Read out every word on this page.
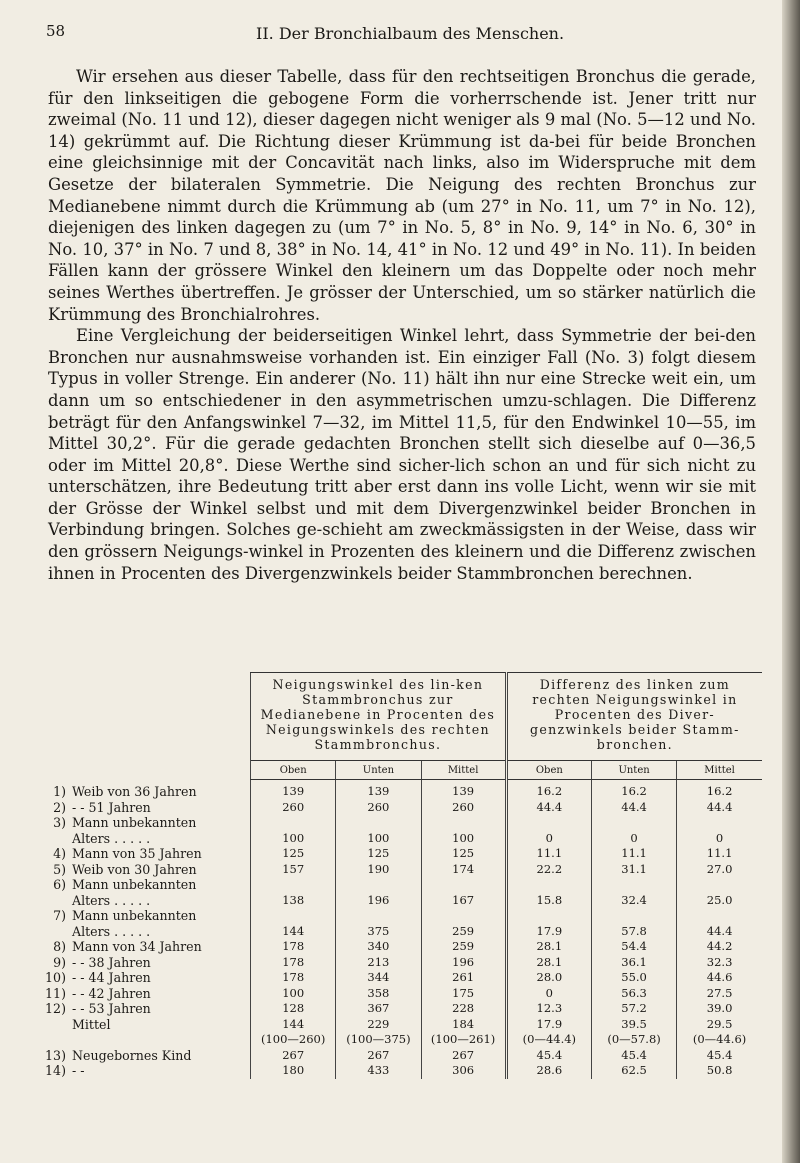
58	II. Der Bronchialbaum des Menschen.

Wir ersehen aus dieser Tabelle, dass für den rechtseitigen Bronchus die gerade, für den linkseitigen die gebogene Form die vorherrschende ist. Jener tritt nur zweimal (No. 11 und 12), dieser dagegen nicht weniger als 9 mal (No. 5—12 und No. 14) gekrümmt auf. Die Richtung dieser Krümmung ist da-bei für beide Bronchen eine gleichsinnige mit der Concavität nach links, also im Widerspruche mit dem Gesetze der bilateralen Symmetrie. Die Neigung des rechten Bronchus zur Medianebene nimmt durch die Krümmung ab (um 27° in No. 11, um 7° in No. 12), diejenigen des linken dagegen zu (um 7° in No. 5, 8° in No. 9, 14° in No. 6, 30° in No. 10, 37° in No. 7 und 8, 38° in No. 14, 41° in No. 12 und 49° in No. 11). In beiden Fällen kann der grössere Winkel den kleinern um das Doppelte oder noch mehr seines Werthes übertreffen. Je grösser der Unterschied, um so stärker natürlich die Krümmung des Bronchialrohres.

Eine Vergleichung der beiderseitigen Winkel lehrt, dass Symmetrie der bei-den Bronchen nur ausnahmsweise vorhanden ist. Ein einziger Fall (No. 3) folgt diesem Typus in voller Strenge. Ein anderer (No. 11) hält ihn nur eine Strecke weit ein, um dann um so entschiedener in den asymmetrischen umzu-schlagen. Die Differenz beträgt für den Anfangswinkel 7—32, im Mittel 11,5, für den Endwinkel 10—55, im Mittel 30,2°. Für die gerade gedachten Bronchen stellt sich dieselbe auf 0—36,5 oder im Mittel 20,8°. Diese Werthe sind sicher-lich schon an und für sich nicht zu unterschätzen, ihre Bedeutung tritt aber erst dann ins volle Licht, wenn wir sie mit der Grösse der Winkel selbst und mit dem Divergenzwinkel beider Bronchen in Verbindung bringen. Solches ge-schieht am zweckmässigsten in der Weise, dass wir den grössern Neigungs-winkel in Prozenten des kleinern und die Differenz zwischen ihnen in Procenten des Divergenzwinkels beider Stammbronchen berechnen.

	Neigungswinkel des lin-ken Stammbronchus zur Medianebene in Procenten des Neigungswinkels des rechten Stammbronchus.			Differenz des linken zum rechten Neigungswinkel in Procenten des Diver-genzwinkels beider Stamm-bronchen.		
	Oben	Unten	Mittel	Oben	Unten	Mittel
1) Weib von 36 Jahren	139	139	139	16.2	16.2	16.2
2) - - 51 Jahren	260	260	260	44.4	44.4	44.4
3) Mann unbekannten						
Alters . . . . .	100	100	100	0	0	0
4) Mann von 35 Jahren	125	125	125	11.1	11.1	11.1
5) Weib von 30 Jahren	157	190	174	22.2	31.1	27.0
6) Mann unbekannten						
Alters . . . . .	138	196	167	15.8	32.4	25.0
7) Mann unbekannten						
Alters . . . . .	144	375	259	17.9	57.8	44.4
8) Mann von 34 Jahren	178	340	259	28.1	54.4	44.2
9) - - 38 Jahren	178	213	196	28.1	36.1	32.3
10) - - 44 Jahren	178	344	261	28.0	55.0	44.6
11) - - 42 Jahren	100	358	175	0	56.3	27.5
12) - - 53 Jahren	128	367	228	12.3	57.2	39.0
Mittel	144	229	184	17.9	39.5	29.5
	(100—260)	(100—375)	(100—261)	(0—44.4)	(0—57.8)	(0—44.6)
13) Neugebornes Kind	267	267	267	45.4	45.4	45.4
14) - -	180	433	306	28.6	62.5	50.8
